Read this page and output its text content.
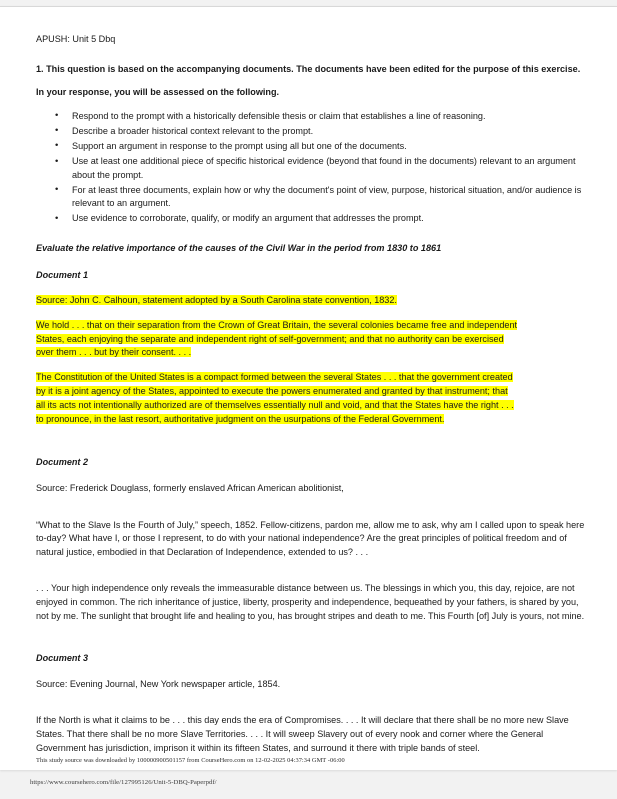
APUSH: Unit 5 Dbq

1. This question is based on the accompanying documents. The documents have been edited for the purpose of this exercise.

In your response, you will be assessed on the following.

• Respond to the prompt with a historically defensible thesis or claim that establishes a line of reasoning.
• Describe a broader historical context relevant to the prompt.
• Support an argument in response to the prompt using all but one of the documents.
• Use at least one additional piece of specific historical evidence (beyond that found in the documents) relevant to an argument about the prompt.
• For at least three documents, explain how or why the document's point of view, purpose, historical situation, and/or audience is relevant to an argument.
• Use evidence to corroborate, qualify, or modify an argument that addresses the prompt.

Evaluate the relative importance of the causes of the Civil War in the period from 1830 to 1861

Document 1

Source: John C. Calhoun, statement adopted by a South Carolina state convention, 1832.

We hold . . . that on their separation from the Crown of Great Britain, the several colonies became free and independent
States, each enjoying the separate and independent right of self-government; and that no authority can be exercised
over them . . . but by their consent. . . .

The Constitution of the United States is a compact formed between the several States . . . that the government created
by it is a joint agency of the States, appointed to execute the powers enumerated and granted by that instrument; that
all its acts not intentionally authorized are of themselves essentially null and void, and that the States have the right . . .
to pronounce, in the last resort, authoritative judgment on the usurpations of the Federal Government.

Document 2

Source: Frederick Douglass, formerly enslaved African American abolitionist,

“What to the Slave Is the Fourth of July,” speech, 1852. Fellow-citizens, pardon me, allow me to ask, why am I called upon to speak here to-day? What have I, or those I represent, to do with your national independence? Are the great principles of political freedom and of natural justice, embodied in that Declaration of Independence, extended to us? . . .

. . . Your high independence only reveals the immeasurable distance between us. The blessings in which you, this day, rejoice, are not enjoyed in common. The rich inheritance of justice, liberty, prosperity and independence, bequeathed by your fathers, is shared by you, not by me. The sunlight that brought life and healing to you, has brought stripes and death to me. This Fourth [of] July is yours, not mine.

Document 3

Source: Evening Journal, New York newspaper article, 1854.

If the North is what it claims to be . . . this day ends the era of Compromises. . . . It will declare that there shall be no more new Slave States. That there shall be no more Slave Territories. . . . It will sweep Slavery out of every nook and corner where the General Government has jurisdiction, imprison it within its fifteen States, and surround it there with triple bands of steel.

This study source was downloaded by 100000900501157 from CourseHero.com on 12-02-2025 04:37:34 GMT -06:00
https://www.coursehero.com/file/127995126/Unit-5-DBQ-Paperpdf/
